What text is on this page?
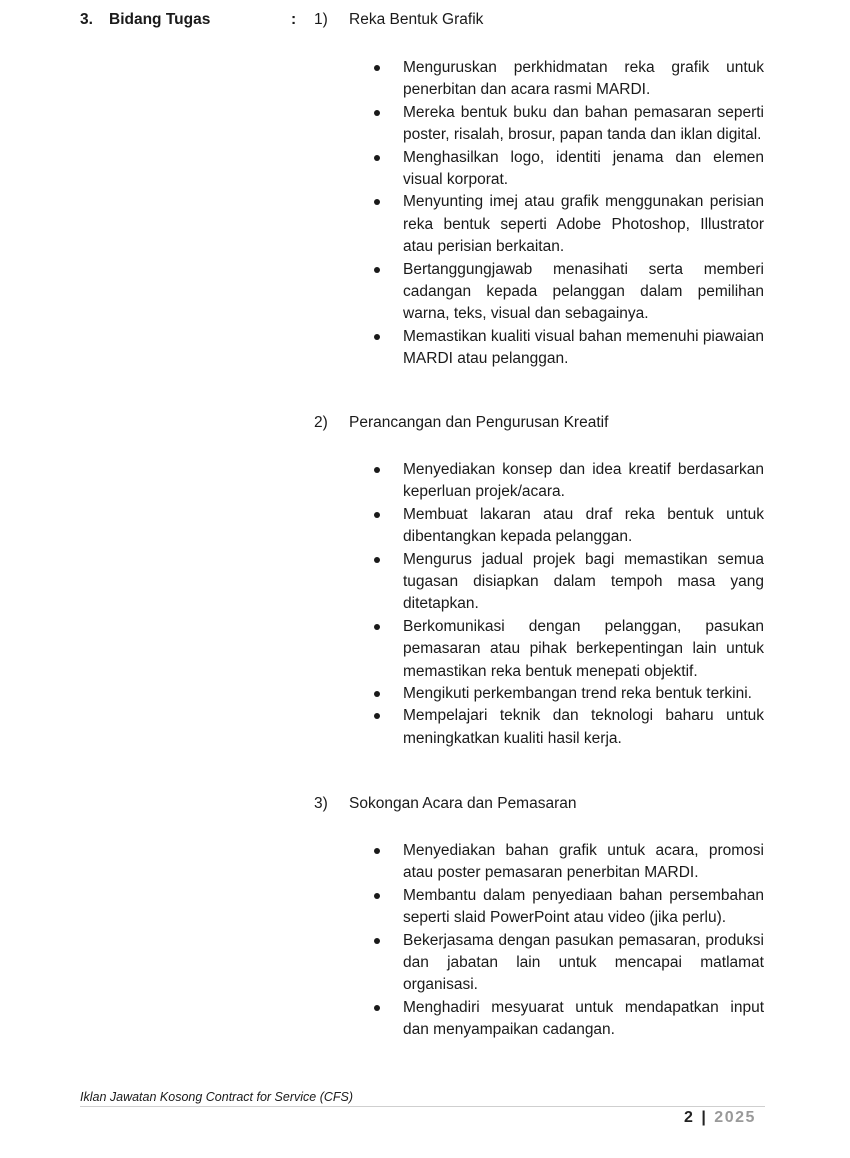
3. Bidang Tugas	: 1) Reka Bentuk Grafik
Menguruskan perkhidmatan reka grafik untuk penerbitan dan acara rasmi MARDI.
Mereka bentuk buku dan bahan pemasaran seperti poster, risalah, brosur, papan tanda dan iklan digital.
Menghasilkan logo, identiti jenama dan elemen visual korporat.
Menyunting imej atau grafik menggunakan perisian reka bentuk seperti Adobe Photoshop, Illustrator atau perisian berkaitan.
Bertanggungjawab menasihati serta memberi cadangan kepada pelanggan dalam pemilihan warna, teks, visual dan sebagainya.
Memastikan kualiti visual bahan memenuhi piawaian MARDI atau pelanggan.
2) Perancangan dan Pengurusan Kreatif
Menyediakan konsep dan idea kreatif berdasarkan keperluan projek/acara.
Membuat lakaran atau draf reka bentuk untuk dibentangkan kepada pelanggan.
Mengurus jadual projek bagi memastikan semua tugasan disiapkan dalam tempoh masa yang ditetapkan.
Berkomunikasi dengan pelanggan, pasukan pemasaran atau pihak berkepentingan lain untuk memastikan reka bentuk menepati objektif.
Mengikuti perkembangan trend reka bentuk terkini.
Mempelajari teknik dan teknologi baharu untuk meningkatkan kualiti hasil kerja.
3) Sokongan Acara dan Pemasaran
Menyediakan bahan grafik untuk acara, promosi atau poster pemasaran penerbitan MARDI.
Membantu dalam penyediaan bahan persembahan seperti slaid PowerPoint atau video (jika perlu).
Bekerjasama dengan pasukan pemasaran, produksi dan jabatan lain untuk mencapai matlamat organisasi.
Menghadiri mesyuarat untuk mendapatkan input dan menyampaikan cadangan.
Iklan Jawatan Kosong Contract for Service (CFS)
2 | 2025
